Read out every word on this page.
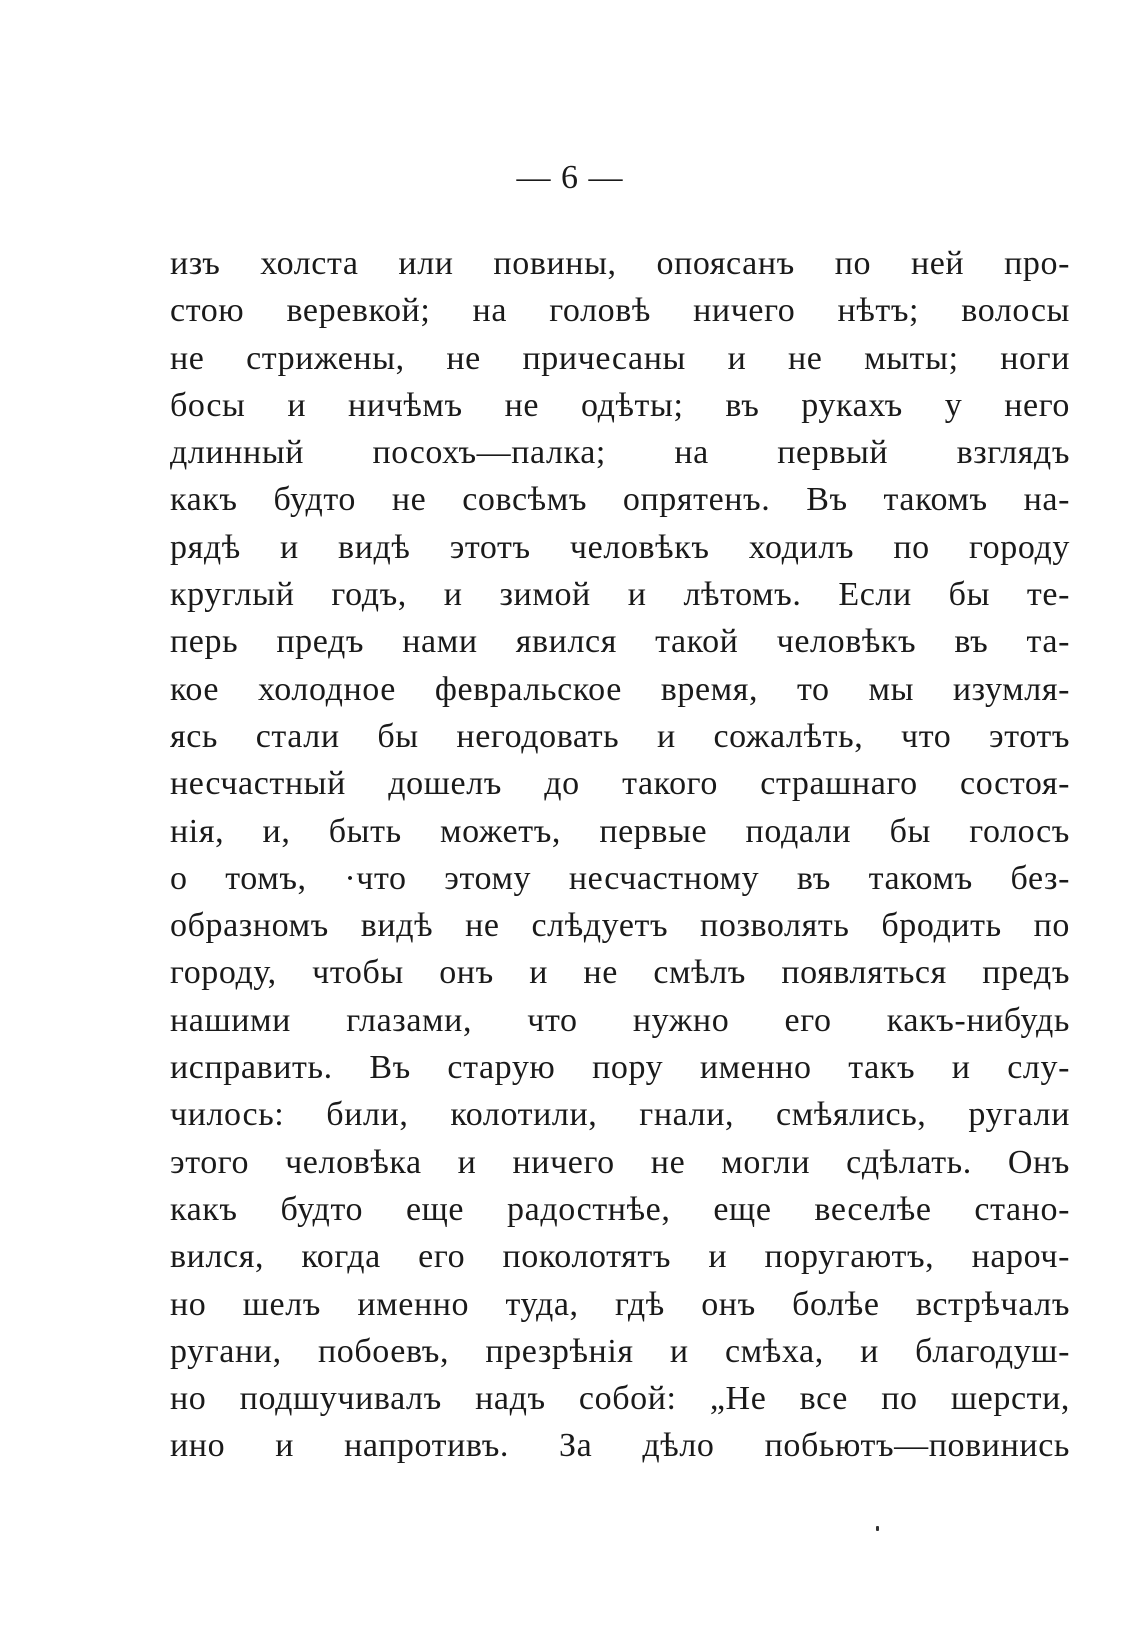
— 6 —
изъ холста или повины, опоясанъ по ней про-
стою веревкой; на головѣ ничего нѣтъ; волосы
не стрижены, не причесаны и не мыты; ноги
босы и ничѣмъ не одѣты; въ рукахъ у него
длинный посохъ—палка; на первый взглядъ
какъ будто не совсѣмъ опрятенъ. Въ такомъ на-
рядѣ и видѣ этотъ человѣкъ ходилъ по городу
круглый годъ, и зимой и лѣтомъ. Если бы те-
перь предъ нами явился такой человѣкъ въ та-
кое холодное февральское время, то мы изумля-
ясь стали бы негодовать и сожалѣть, что этотъ
несчастный дошелъ до такого страшнаго состоя-
нія, и, быть можетъ, первые подали бы голосъ
о томъ, ·что этому несчастному въ такомъ без-
образномъ видѣ не слѣдуетъ позволять бродить по
городу, чтобы онъ и не смѣлъ появляться предъ
нашими глазами, что нужно его какъ-нибудь
исправить. Въ старую пору именно такъ и слу-
чилось: били, колотили, гнали, смѣялись, ругали
этого человѣка и ничего не могли сдѣлать. Онъ
какъ будто еще радостнѣе, еще веселѣе стано-
вился, когда его поколотятъ и поругаютъ, нароч-
но шелъ именно туда, гдѣ онъ болѣе встрѣчалъ
ругани, побоевъ, презрѣнія и смѣха, и благодуш-
но подшучивалъ надъ собой: „Не все по шерсти,
ино и напротивъ. За дѣло побьютъ—повинись
